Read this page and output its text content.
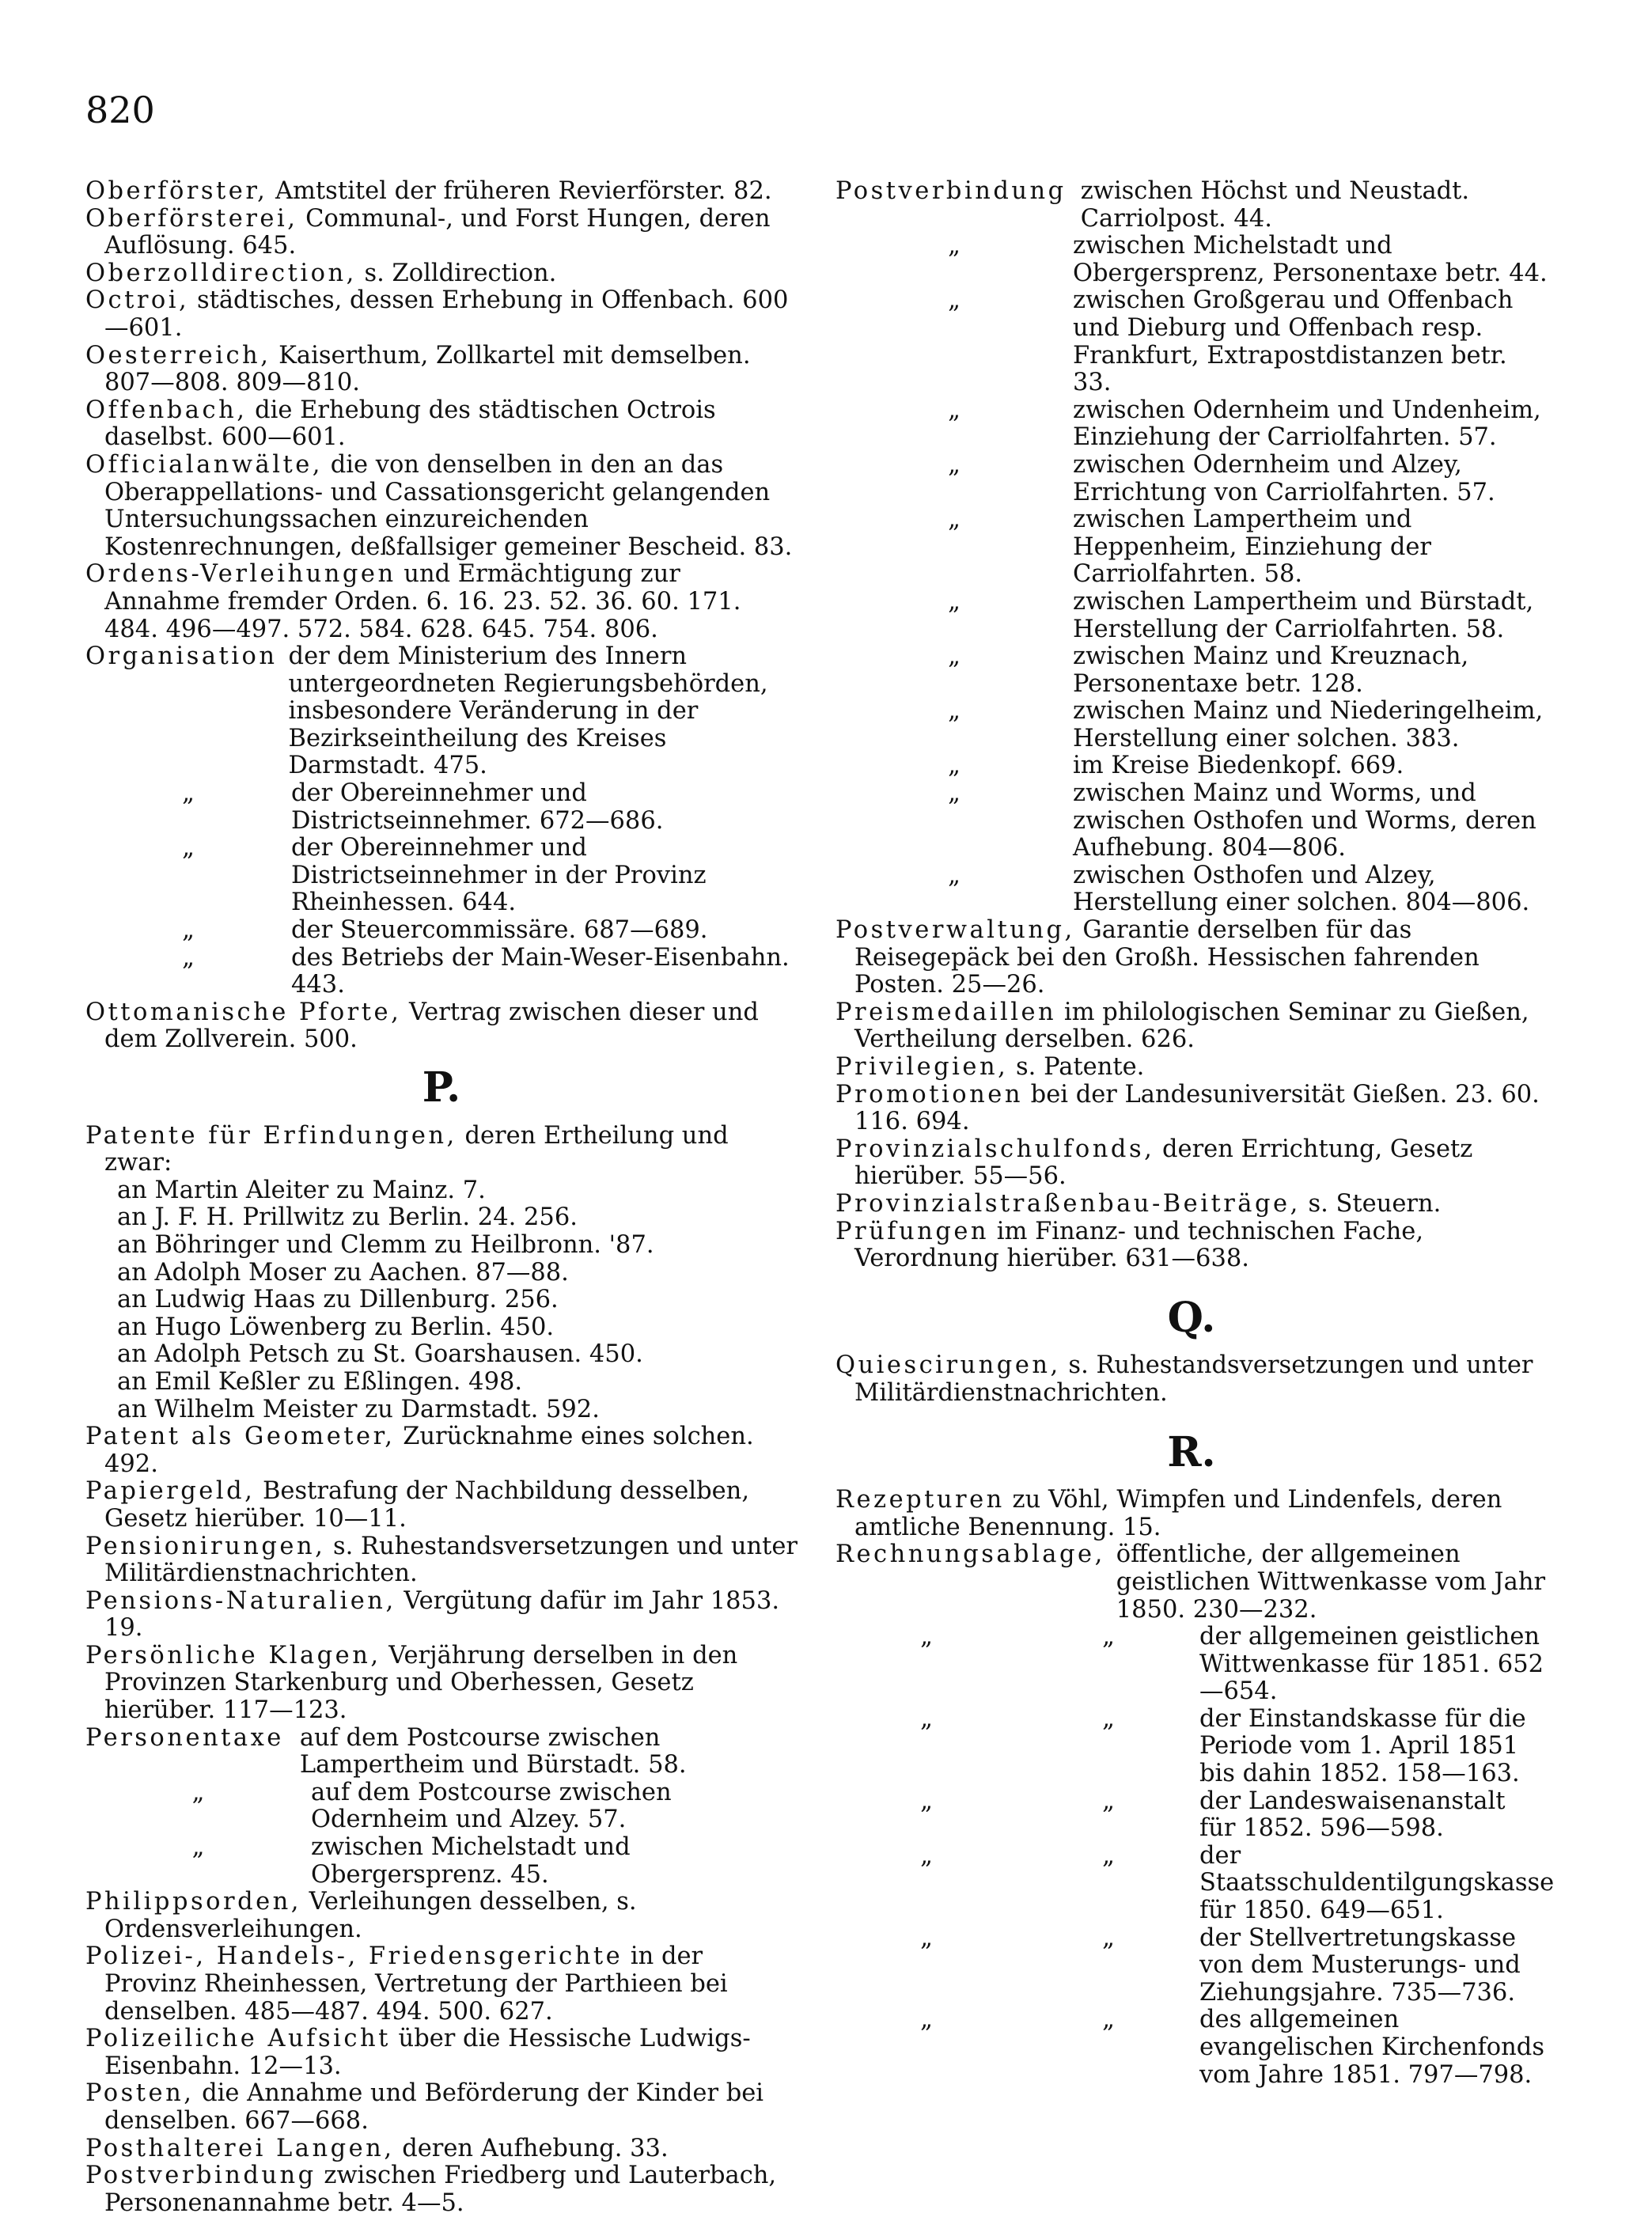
820

Oberförster, Amtstitel der früheren Revierförster. 82.

Oberförsterei, Communal-, und Forst Hungen, deren Auflösung. 645.

Oberzolldirection, s. Zolldirection.

Octroi, städtisches, dessen Erhebung in Offenbach. 600—601.

Oesterreich, Kaiserthum, Zollkartel mit demselben. 807—808. 809—810.

Offenbach, die Erhebung des städtischen Octrois daselbst. 600—601.

Officialanwälte, die von denselben in den an das Oberappellations- und Cassationsgericht gelangenden Untersuchungssachen einzureichenden Kostenrechnungen, deßfallsiger gemeiner Bescheid. 83.

Ordens-Verleihungen und Ermächtigung zur Annahme fremder Orden. 6. 16. 23. 52. 36. 60. 171. 484. 496—497. 572. 584. 628. 645. 754. 806.

Organisation der dem Ministerium des Innern untergeordneten Regierungsbehörden, insbesondere Veränderung in der Bezirkseintheilung des Kreises Darmstadt. 475.
„	der Obereinnehmer und Districtseinnehmer. 672—686.
„	der Obereinnehmer und Districtseinnehmer in der Provinz Rheinhessen. 644.
„	der Steuercommissäre. 687—689.
„	des Betriebs der Main-Weser-Eisenbahn. 443.

Ottomanische Pforte, Vertrag zwischen dieser und dem Zollverein. 500.

P.

Patente für Erfindungen, deren Ertheilung und zwar:

an Martin Aleiter zu Mainz. 7.
an J. F. H. Prillwitz zu Berlin. 24. 256.
an Böhringer und Clemm zu Heilbronn. '87.
an Adolph Moser zu Aachen. 87—88.
an Ludwig Haas zu Dillenburg. 256.
an Hugo Löwenberg zu Berlin. 450.
an Adolph Petsch zu St. Goarshausen. 450.
an Emil Keßler zu Eßlingen. 498.
an Wilhelm Meister zu Darmstadt. 592.

Patent als Geometer, Zurücknahme eines solchen. 492.

Papiergeld, Bestrafung der Nachbildung desselben, Gesetz hierüber. 10—11.

Pensionirungen, s. Ruhestandsversetzungen und unter Militärdienstnachrichten.

Pensions-Naturalien, Vergütung dafür im Jahr 1853. 19.

Persönliche Klagen, Verjährung derselben in den Provinzen Starkenburg und Oberhessen, Gesetz hierüber. 117—123.

Personentaxe auf dem Postcourse zwischen Lampertheim und Bürstadt. 58.
„	auf dem Postcourse zwischen Odernheim und Alzey. 57.
„	zwischen Michelstadt und Obergersprenz. 45.

Philippsorden, Verleihungen desselben, s. Ordensverleihungen.

Polizei-, Handels-, Friedensgerichte in der Provinz Rheinhessen, Vertretung der Parthieen bei denselben. 485—487. 494. 500. 627.

Polizeiliche Aufsicht über die Hessische Ludwigs-Eisenbahn. 12—13.

Posten, die Annahme und Beförderung der Kinder bei denselben. 667—668.

Posthalterei Langen, deren Aufhebung. 33.

Postverbindung zwischen Friedberg und Lauterbach, Personenannahme betr. 4—5.

Postverbindung zwischen Höchst und Neustadt. Carriolpost. 44.
„	zwischen Michelstadt und Obergersprenz, Personentaxe betr. 44.
„	zwischen Großgerau und Offenbach und Dieburg und Offenbach resp. Frankfurt, Extrapostdistanzen betr. 33.
„	zwischen Odernheim und Undenheim, Einziehung der Carriolfahrten. 57.
„	zwischen Odernheim und Alzey, Errichtung von Carriolfahrten. 57.
„	zwischen Lampertheim und Heppenheim, Einziehung der Carriolfahrten. 58.
„	zwischen Lampertheim und Bürstadt, Herstellung der Carriolfahrten. 58.
„	zwischen Mainz und Kreuznach, Personentaxe betr. 128.
„	zwischen Mainz und Niederingelheim, Herstellung einer solchen. 383.
„	im Kreise Biedenkopf. 669.
„	zwischen Mainz und Worms, und zwischen Osthofen und Worms, deren Aufhebung. 804—806.
„	zwischen Osthofen und Alzey, Herstellung einer solchen. 804—806.

Postverwaltung, Garantie derselben für das Reisegepäck bei den Großh. Hessischen fahrenden Posten. 25—26.

Preismedaillen im philologischen Seminar zu Gießen, Vertheilung derselben. 626.

Privilegien, s. Patente.

Promotionen bei der Landesuniversität Gießen. 23. 60. 116. 694.

Provinzialschulfonds, deren Errichtung, Gesetz hierüber. 55—56.

Provinzialstraßenbau-Beiträge, s. Steuern.

Prüfungen im Finanz- und technischen Fache, Verordnung hierüber. 631—638.

Q.

Quiescirungen, s. Ruhestandsversetzungen und unter Militärdienstnachrichten.

R.

Rezepturen zu Vöhl, Wimpfen und Lindenfels, deren amtliche Benennung. 15.

Rechnungsablage, öffentliche, der allgemeinen geistlichen Wittwenkasse vom Jahr 1850. 230—232.
„	„	der allgemeinen geistlichen Wittwenkasse für 1851. 652—654.
„	„	der Einstandskasse für die Periode vom 1. April 1851 bis dahin 1852. 158—163.
„	„	der Landeswaisenanstalt für 1852. 596—598.
„	„	der Staatsschuldentilgungskasse für 1850. 649—651.
„	„	der Stellvertretungskasse von dem Musterungs- und Ziehungsjahre. 735—736.
„	„	des allgemeinen evangelischen Kirchenfonds vom Jahre 1851. 797—798.
